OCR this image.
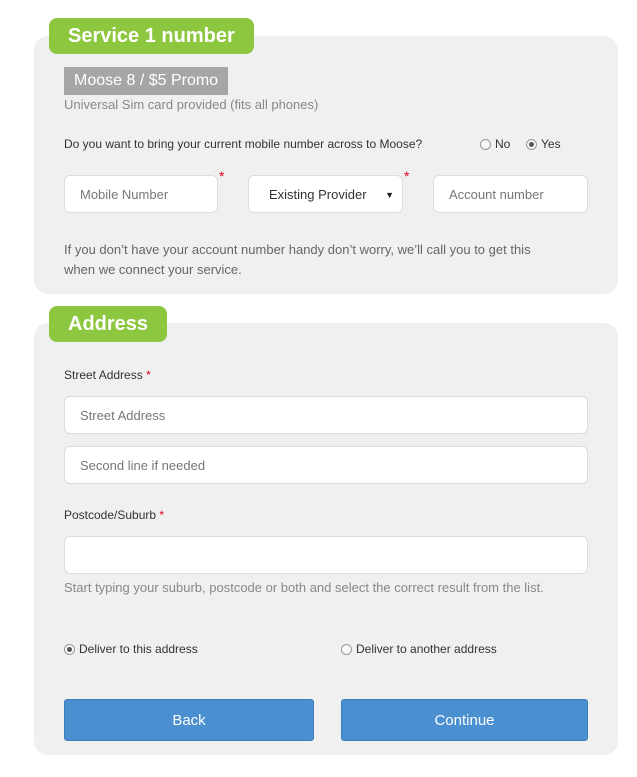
Service 1 number
Address
Moose 8 / $5 Promo
Universal Sim card provided (fits all phones)
Do you want to bring your current mobile number across to Moose?	No	Yes
Mobile Number
*
Existing Provider ▼
*
Account number
If you don’t have your account number handy don’t worry, we’ll call you to get this
when we connect your service.
Street Address *
Street Address
Second line if needed
Postcode/Suburb *
Start typing your suburb, postcode or both and select the correct result from the list.
Deliver to this address	Deliver to another address
Back	Continue
